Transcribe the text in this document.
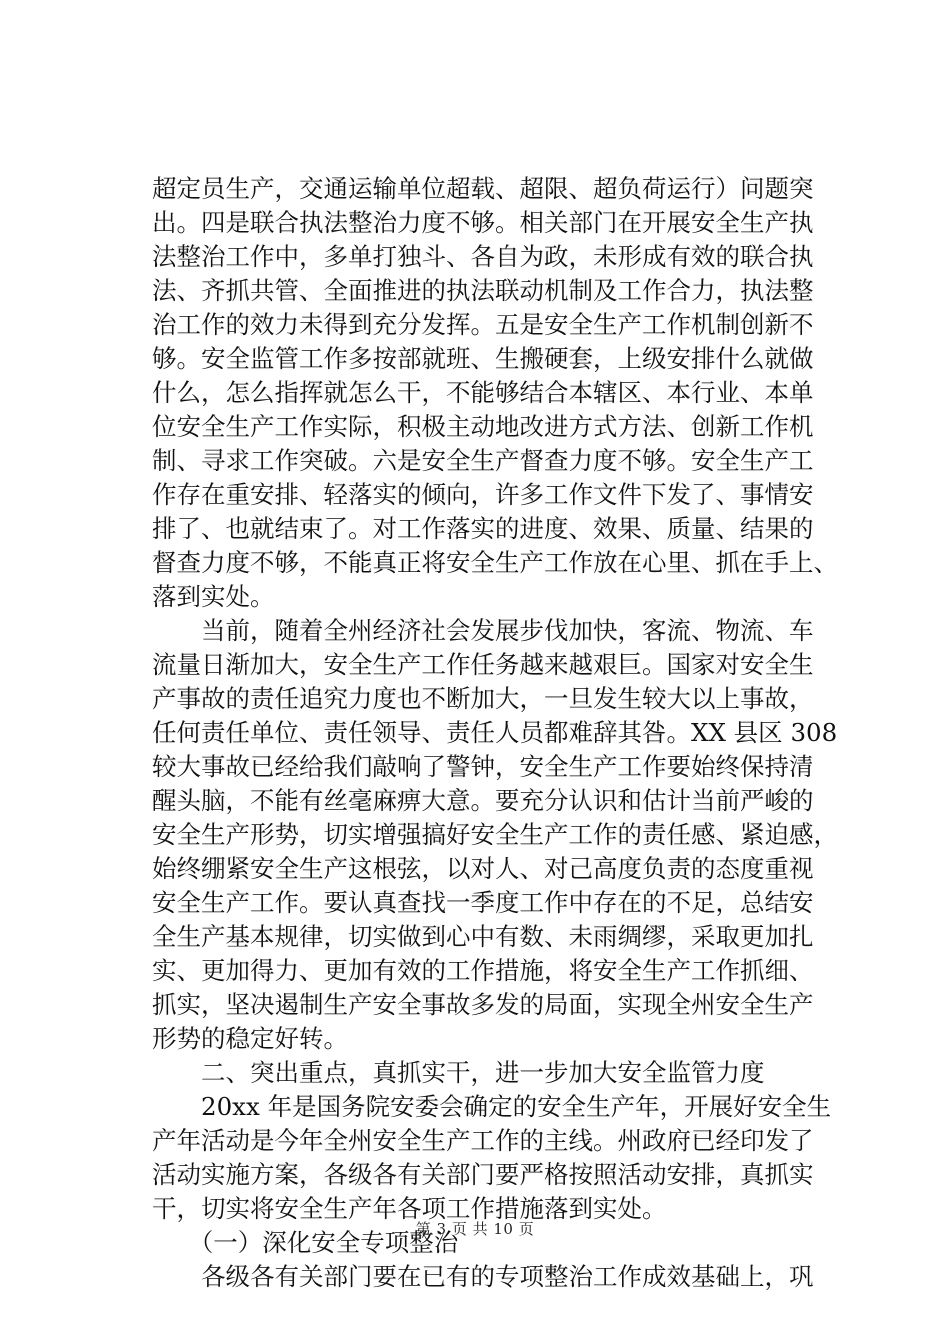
超定员生产，交通运输单位超载、超限、超负荷运行）问题突
出。四是联合执法整治力度不够。相关部门在开展安全生产执
法整治工作中，多单打独斗、各自为政，未形成有效的联合执
法、齐抓共管、全面推进的执法联动机制及工作合力，执法整
治工作的效力未得到充分发挥。五是安全生产工作机制创新不
够。安全监管工作多按部就班、生搬硬套，上级安排什么就做
什么，怎么指挥就怎么干，不能够结合本辖区、本行业、本单
位安全生产工作实际，积极主动地改进方式方法、创新工作机
制、寻求工作突破。六是安全生产督查力度不够。安全生产工
作存在重安排、轻落实的倾向，许多工作文件下发了、事情安
排了、也就结束了。对工作落实的进度、效果、质量、结果的
督查力度不够，不能真正将安全生产工作放在心里、抓在手上、
落到实处。
　　当前，随着全州经济社会发展步伐加快，客流、物流、车
流量日渐加大，安全生产工作任务越来越艰巨。国家对安全生
产事故的责任追究力度也不断加大，一旦发生较大以上事故，
任何责任单位、责任领导、责任人员都难辞其咎。XX 县区 308
较大事故已经给我们敲响了警钟，安全生产工作要始终保持清
醒头脑，不能有丝毫麻痹大意。要充分认识和估计当前严峻的
安全生产形势，切实增强搞好安全生产工作的责任感、紧迫感，
始终绷紧安全生产这根弦，以对人、对己高度负责的态度重视
安全生产工作。要认真查找一季度工作中存在的不足，总结安
全生产基本规律，切实做到心中有数、未雨绸缪，采取更加扎
实、更加得力、更加有效的工作措施，将安全生产工作抓细、
抓实，坚决遏制生产安全事故多发的局面，实现全州安全生产
形势的稳定好转。
　　二、突出重点，真抓实干，进一步加大安全监管力度
　　20xx 年是国务院安委会确定的安全生产年，开展好安全生
产年活动是今年全州安全生产工作的主线。州政府已经印发了
活动实施方案，各级各有关部门要严格按照活动安排，真抓实
干，切实将安全生产年各项工作措施落到实处。
　　（一）深化安全专项整治
　　各级各有关部门要在已有的专项整治工作成效基础上，巩
第 3 页 共 10 页
